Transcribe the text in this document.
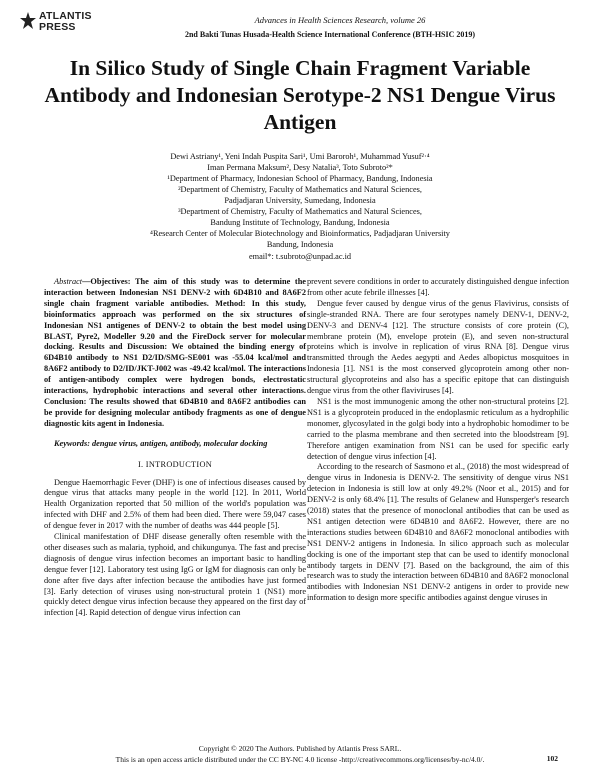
ATLANTIS
PRESS
Advances in Health Sciences Research, volume 26
2nd Bakti Tunas Husada-Health Science International Conference (BTH-HSIC 2019)
In Silico Study of Single Chain Fragment Variable Antibody and Indonesian Serotype-2 NS1 Dengue Virus Antigen
Dewi Astriany¹, Yeni Indah Puspita Sari¹, Umi Baroroh¹, Muhammad Yusuf²·⁴
Iman Permana Maksum², Desy Natalia³, Toto Subroto²*
¹Department of Pharmacy, Indonesian School of Pharmacy, Bandung, Indonesia
²Department of Chemistry, Faculty of Mathematics and Natural Sciences,
Padjadjaran University, Sumedang, Indonesia
³Department of Chemistry, Faculty of Mathematics and Natural Sciences,
Bandung Institute of Technology, Bandung, Indonesia
⁴Research Center of Molecular Biotechnology and Bioinformatics, Padjadjaran University
Bandung, Indonesia
email*: t.subroto@unpad.ac.id

Abstract—Objectives: The aim of this study was to determine the interaction between Indonesian NS1 DENV-2 with 6D4B10 and 8A6F2 single chain fragment variable antibodies. Method: In this study, bioinformatics approach was performed on the six structures of Indonesian NS1 antigenes of DENV-2 to obtain the best model using BLAST, Pyre2, Modeller 9.20 and the FireDock server for molecular docking. Results and Discussion: We obtained the binding energy of 6D4B10 antibody to NS1 D2/ID/SMG-SE001 was -55.04 kcal/mol and 8A6F2 antibody to D2/ID/JKT-J002 was -49.42 kcal/mol. The interactions of antigen-antibody complex were hydrogen bonds, electrostatic interactions, hydrophobic interactions and several other interactions. Conclusion: The results showed that 6D4B10 and 8A6F2 antibodies can be provide for designing molecular antibody fragments as one of dengue diagnostic kits agent in Indonesia.

Keywords: dengue virus, antigen, antibody, molecular docking

I. INTRODUCTION

Dengue Haemorrhagic Fever (DHF) is one of infectious diseases caused by dengue virus that attacks many people in the world [12]. In 2011, World Health Organization reported that 50 million of the world's population was infected with DHF and 2.5% of them had been died. There were 59,047 cases of dengue fever in 2017 with the number of deaths was 444 people [5].

Clinical manifestation of DHF disease generally often resemble with the other diseases such as malaria, typhoid, and chikungunya. The fast and precise diagnosis of dengue virus infection becomes an important basic to handling dengue fever [12]. Laboratory test using IgG or IgM for diagnosis can only be done after five days after infection because the antibodies have just formed [3]. Early detection of viruses using non-structural protein 1 (NS1) more quickly detect dengue virus infection because they appeared on the first day of infection [4]. Rapid detection of dengue virus infection can

prevent severe conditions in order to accurately distinguished dengue infection from other acute febrile illnesses [4].

Dengue fever caused by dengue virus of the genus Flavivirus, consists of single-stranded RNA. There are four serotypes namely DENV-1, DENV-2, DENV-3 and DENV-4 [12]. The structure consists of core protein (C), membrane protein (M), envelope protein (E), and seven non-structural proteins which is involve in replication of virus RNA [8]. Dengue virus transmitted through the Aedes aegypti and Aedes albopictus mosquitoes in Indonesia [1]. NS1 is the most conserved glycoprotein among other non-structural glycoproteins and also has a specific epitope that can distinguish dengue virus from the other flaviviruses [4].

NS1 is the most immunogenic among the other non-structural proteins [2]. NS1 is a glycoprotein produced in the endoplasmic reticulum as a hydrophilic monomer, glycosylated in the golgi body into a hydrophobic homodimer to be carried to the plasma membrane and then secreted into the bloodstream [9]. Therefore antigen examination from NS1 can be used for specific early detection of dengue virus infection [4].

According to the research of Sasmono et al., (2018) the most widespread of dengue virus in Indonesia is DENV-2. The sensitivity of dengue virus NS1 detecion in Indonesia is still low at only 49.2% (Noor et al., 2015) and for DENV-2 is only 68.4% [1]. The results of Gelanew and Hunsperger's research (2018) states that the presence of monoclonal antibodies that can be used as NS1 antigen detection were 6D4B10 and 8A6F2. However, there are no interactions studies between 6D4B10 and 8A6F2 monoclonal antibodies with NS1 DENV-2 antigens in Indonesia. In silico approach such as molecular docking is one of the important step that can be used to identify monoclonal antibody targets in DENV [7]. Based on the background, the aim of this research was to study the interaction between 6D4B10 and 8A6F2 monoclonal antibodies with Indonesian NS1 DENV-2 antigens in order to provide new information to design more specific antibodies against dengue viruses in

Copyright © 2020 The Authors. Published by Atlantis Press SARL.
This is an open access article distributed under the CC BY-NC 4.0 license -http://creativecommons.org/licenses/by-nc/4.0/.	102
